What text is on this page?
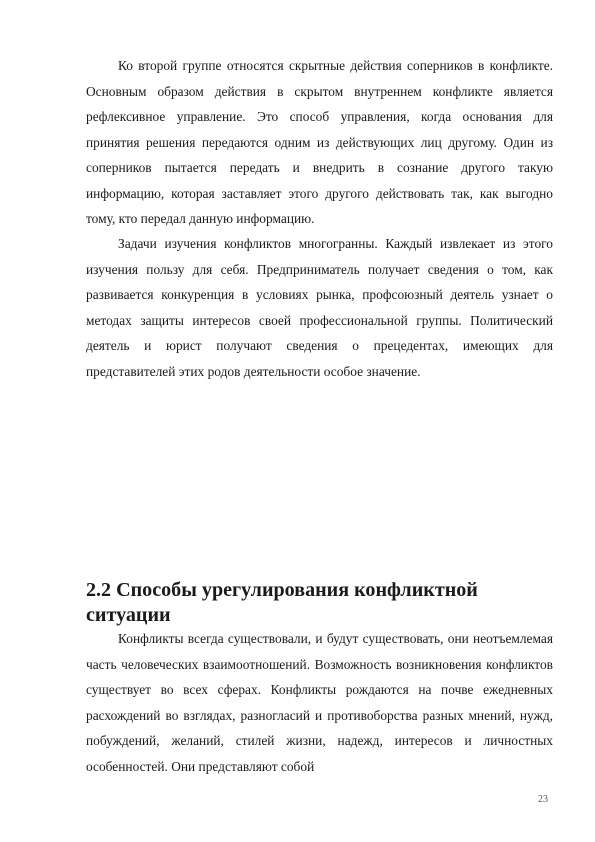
Ко второй группе относятся скрытные действия соперников в конфликте. Основным образом действия в скрытом внутреннем конфликте является рефлексивное управление. Это способ управления, когда основания для принятия решения передаются одним из действующих лиц другому. Один из соперников пытается передать и внедрить в сознание другого такую информацию, которая заставляет этого другого действовать так, как выгодно тому, кто передал данную информацию.

Задачи изучения конфликтов многогранны. Каждый извлекает из этого изучения пользу для себя. Предприниматель получает сведения о том, как развивается конкуренция в условиях рынка, профсоюзный деятель узнает о методах защиты интересов своей профессиональной группы. Политический деятель и юрист получают сведения о прецедентах, имеющих для представителей этих родов деятельности особое значение.

2.2 Способы урегулирования конфликтной ситуации

Конфликты всегда существовали, и будут существовать, они неотъемлемая часть человеческих взаимоотношений. Возможность возникновения конфликтов существует во всех сферах. Конфликты рождаются на почве ежедневных расхождений во взглядах, разногласий и противоборства разных мнений, нужд, побуждений, желаний, стилей жизни, надежд, интересов и личностных особенностей. Они представляют собой

23
